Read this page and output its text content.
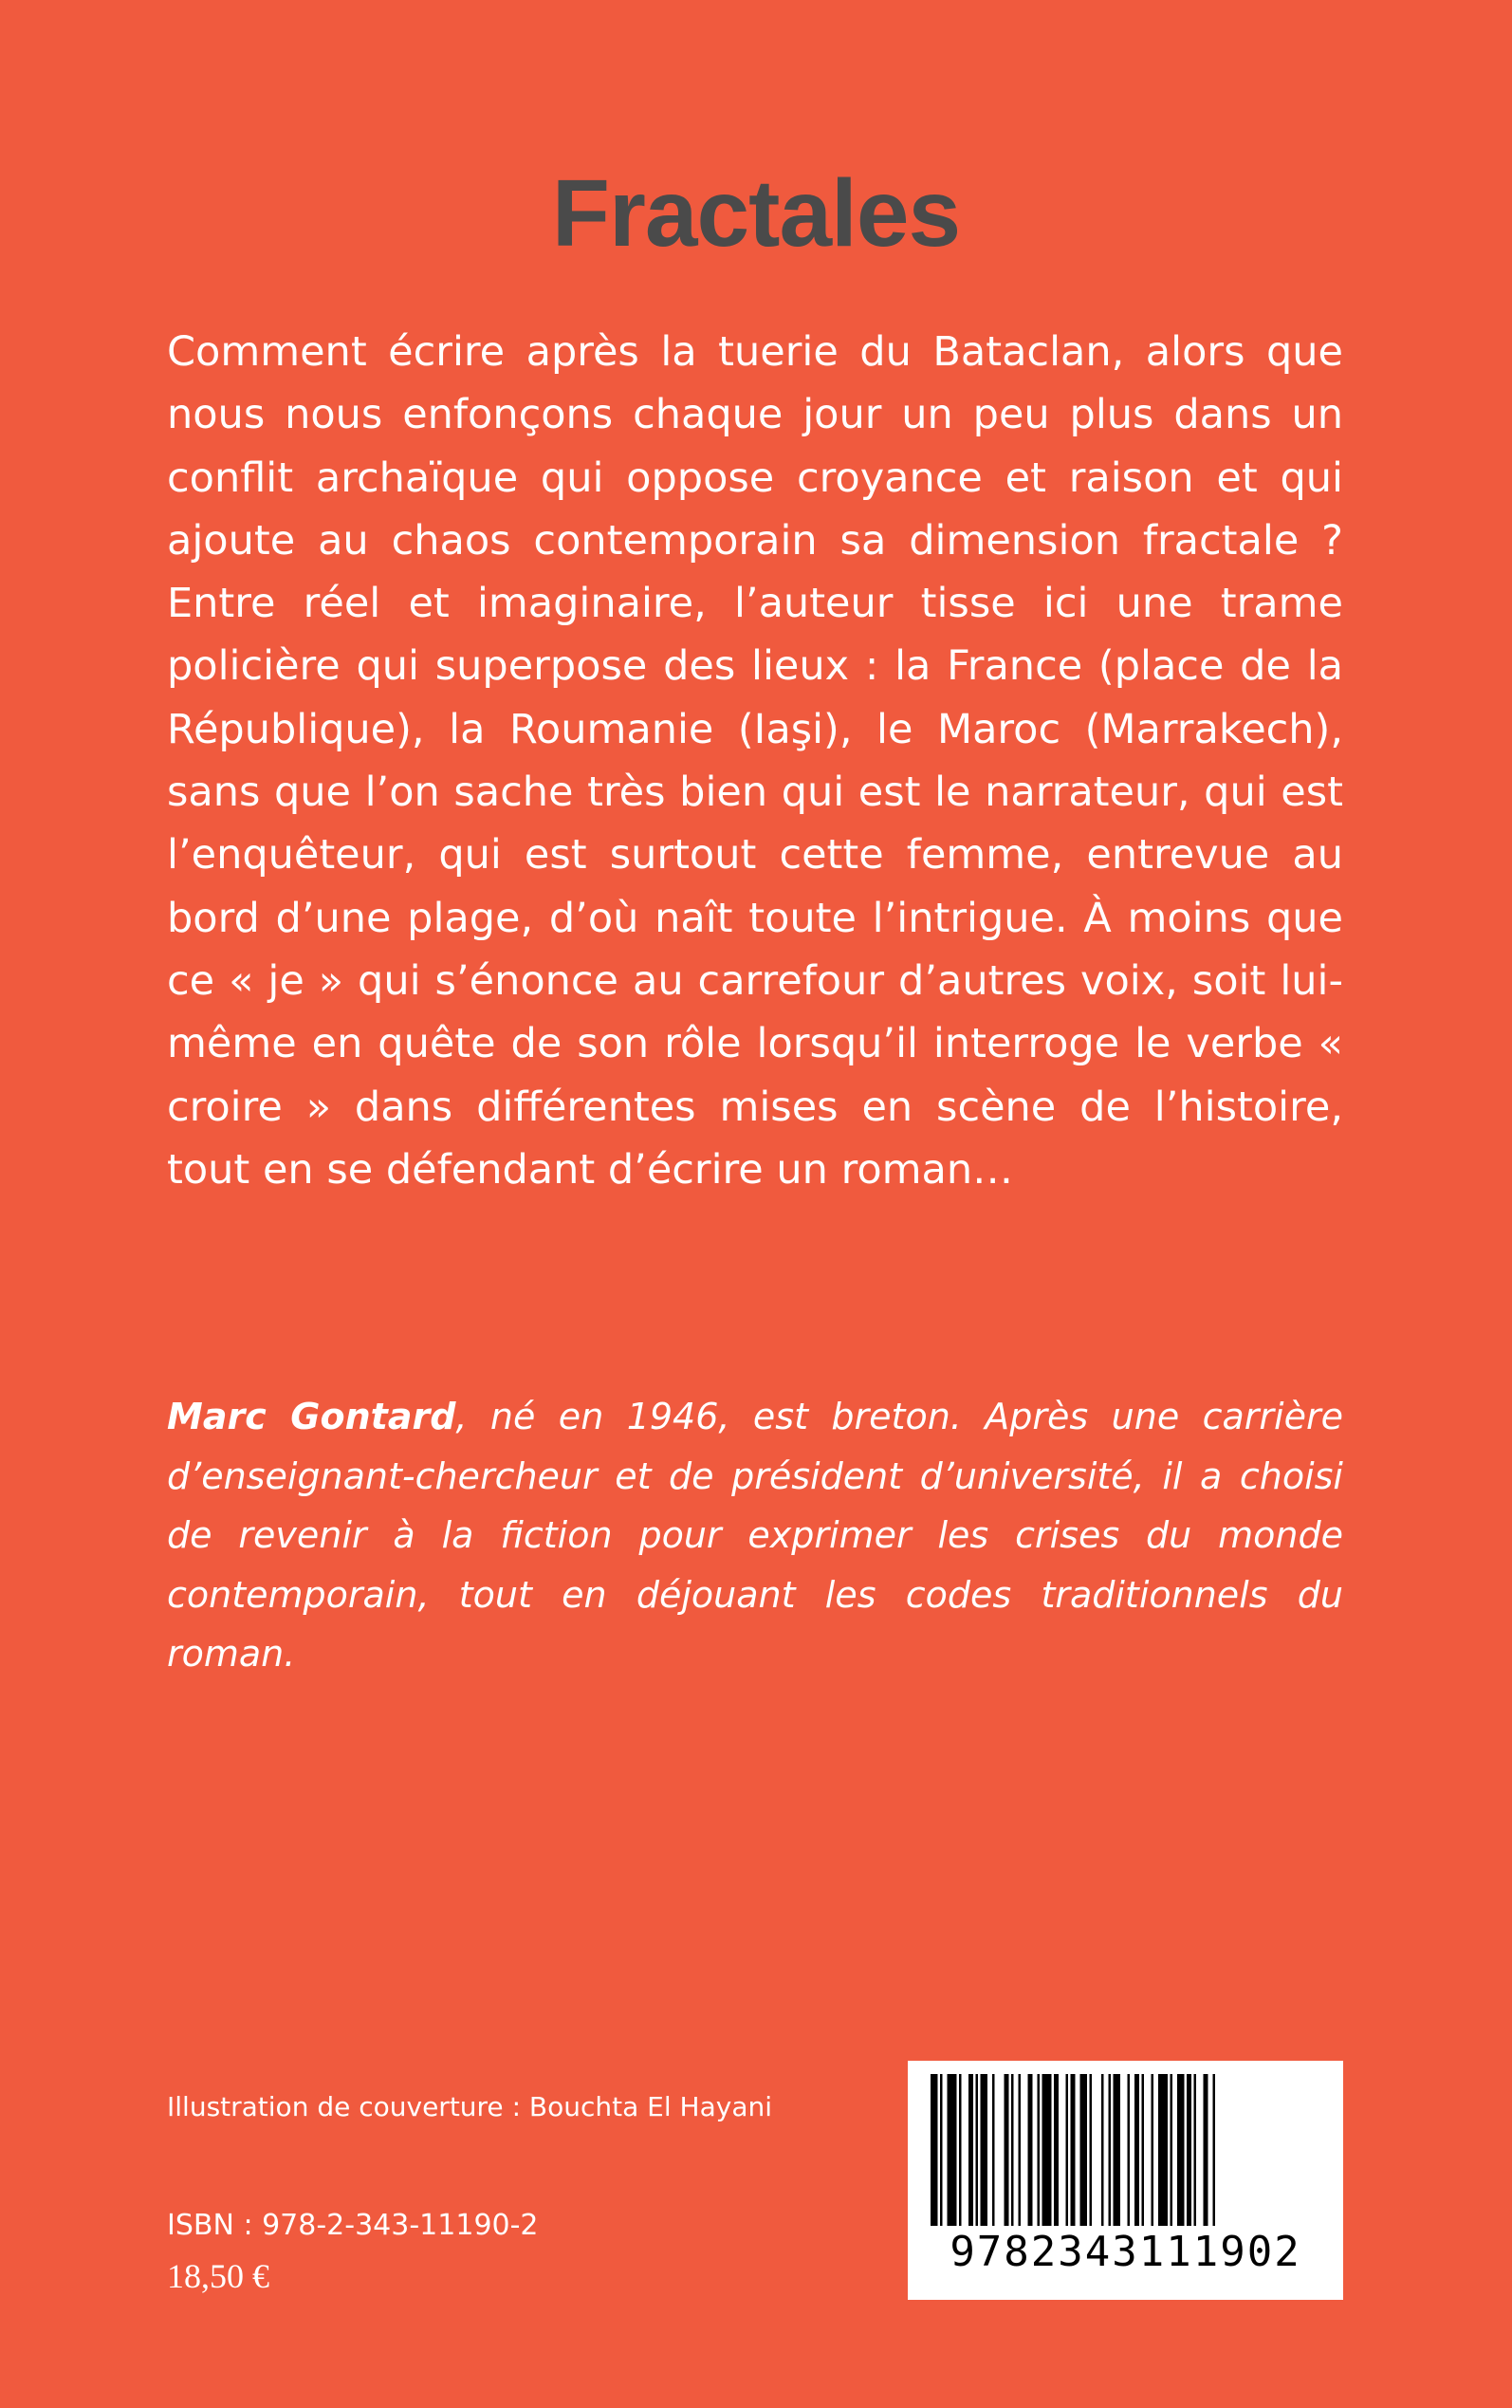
Fractales

Comment écrire après la tuerie du Bataclan, alors que nous nous enfonçons chaque jour un peu plus dans un conflit archaïque qui oppose croyance et raison et qui ajoute au chaos contemporain sa dimension fractale ? Entre réel et imaginaire, l’auteur tisse ici une trame policière qui superpose des lieux : la France (place de la République), la Roumanie (Iaşi), le Maroc (Marrakech), sans que l’on sache très bien qui est le narrateur, qui est l’enquêteur, qui est surtout cette femme, entrevue au bord d’une plage, d’où naît toute l’intrigue. À moins que ce « je » qui s’énonce au carrefour d’autres voix, soit lui-même en quête de son rôle lorsqu’il interroge le verbe « croire » dans différentes mises en scène de l’histoire, tout en se défendant d’écrire un roman…

Marc Gontard, né en 1946, est breton. Après une carrière d’enseignant-chercheur et de président d’université, il a choisi de revenir à la fiction pour exprimer les crises du monde contemporain, tout en déjouant les codes traditionnels du roman.
Illustration de couverture : Bouchta El Hayani
ISBN : 978-2-343-11190-2
18,50 €	9782343111902
